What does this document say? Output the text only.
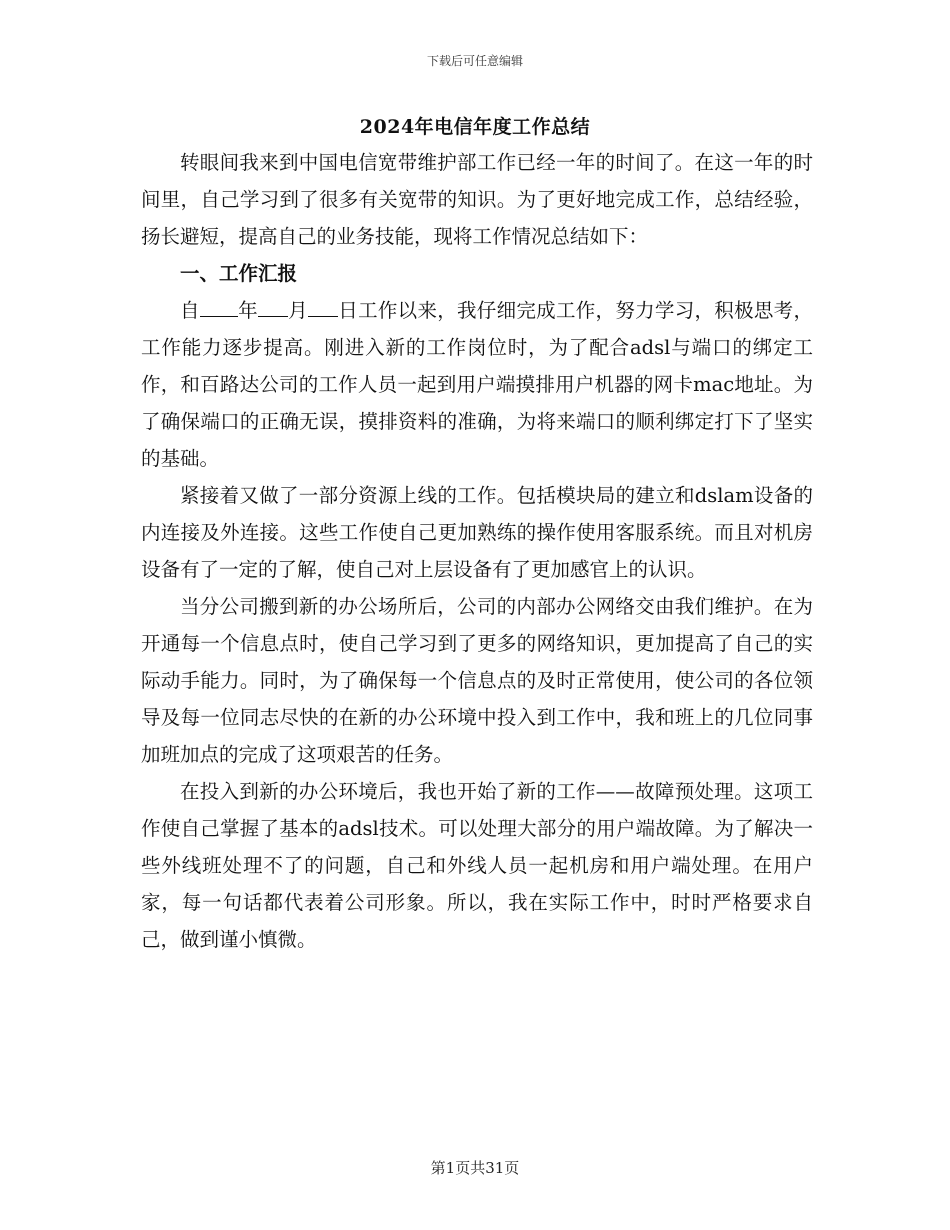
下载后可任意编辑
2024年电信年度工作总结

转眼间我来到中国电信宽带维护部工作已经一年的时间了。在这一年的时间里，自己学习到了很多有关宽带的知识。为了更好地完成工作，总结经验，扬长避短，提高自己的业务技能，现将工作情况总结如下：

一、工作汇报

自 年 月 日工作以来，我仔细完成工作，努力学习，积极思考，工作能力逐步提高。刚进入新的工作岗位时，为了配合adsl与端口的绑定工作，和百路达公司的工作人员一起到用户端摸排用户机器的网卡mac地址。为了确保端口的正确无误，摸排资料的准确，为将来端口的顺利绑定打下了坚实的基础。

紧接着又做了一部分资源上线的工作。包括模块局的建立和dslam设备的内连接及外连接。这些工作使自己更加熟练的操作使用客服系统。而且对机房设备有了一定的了解，使自己对上层设备有了更加感官上的认识。

当分公司搬到新的办公场所后，公司的内部办公网络交由我们维护。在为开通每一个信息点时，使自己学习到了更多的网络知识，更加提高了自己的实际动手能力。同时，为了确保每一个信息点的及时正常使用，使公司的各位领导及每一位同志尽快的在新的办公环境中投入到工作中，我和班上的几位同事加班加点的完成了这项艰苦的任务。

在投入到新的办公环境后，我也开始了新的工作——故障预处理。这项工作使自己掌握了基本的adsl技术。可以处理大部分的用户端故障。为了解决一些外线班处理不了的问题，自己和外线人员一起机房和用户端处理。在用户家，每一句话都代表着公司形象。所以，我在实际工作中，时时严格要求自己，做到谨小慎微。

第1页共31页
